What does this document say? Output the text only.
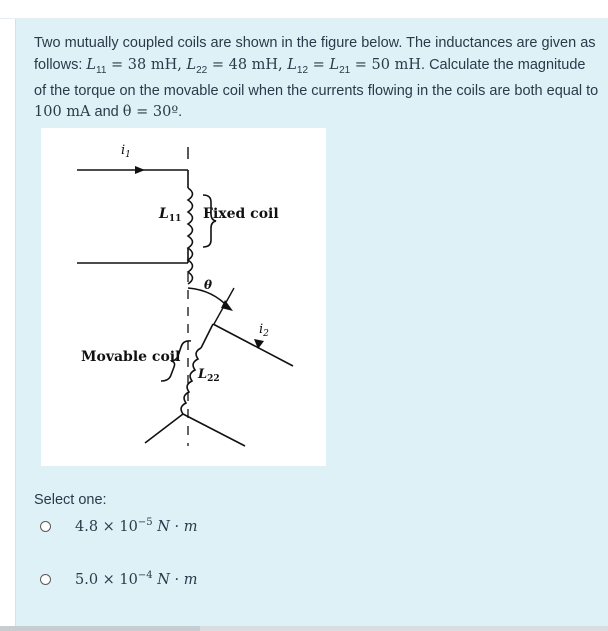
Two mutually coupled coils are shown in the figure below. The inductances are given as follows: $L_{11} = 38$ mH, $L_{22} = 48$ mH, $L_{12} = L_{21} = 50$ mH. Calculate the magnitude of the torque on the movable coil when the currents flowing in the coils are both equal to 100 mA and θ = 30º.
$i_1$
$L_{11}$ Fixed coil
θ
$i_2$
Movable coil
$L_{22}$
Select one:
$4.8 \times 10^{-5}$ N · m
$5.0 \times 10^{-4}$ N · m
